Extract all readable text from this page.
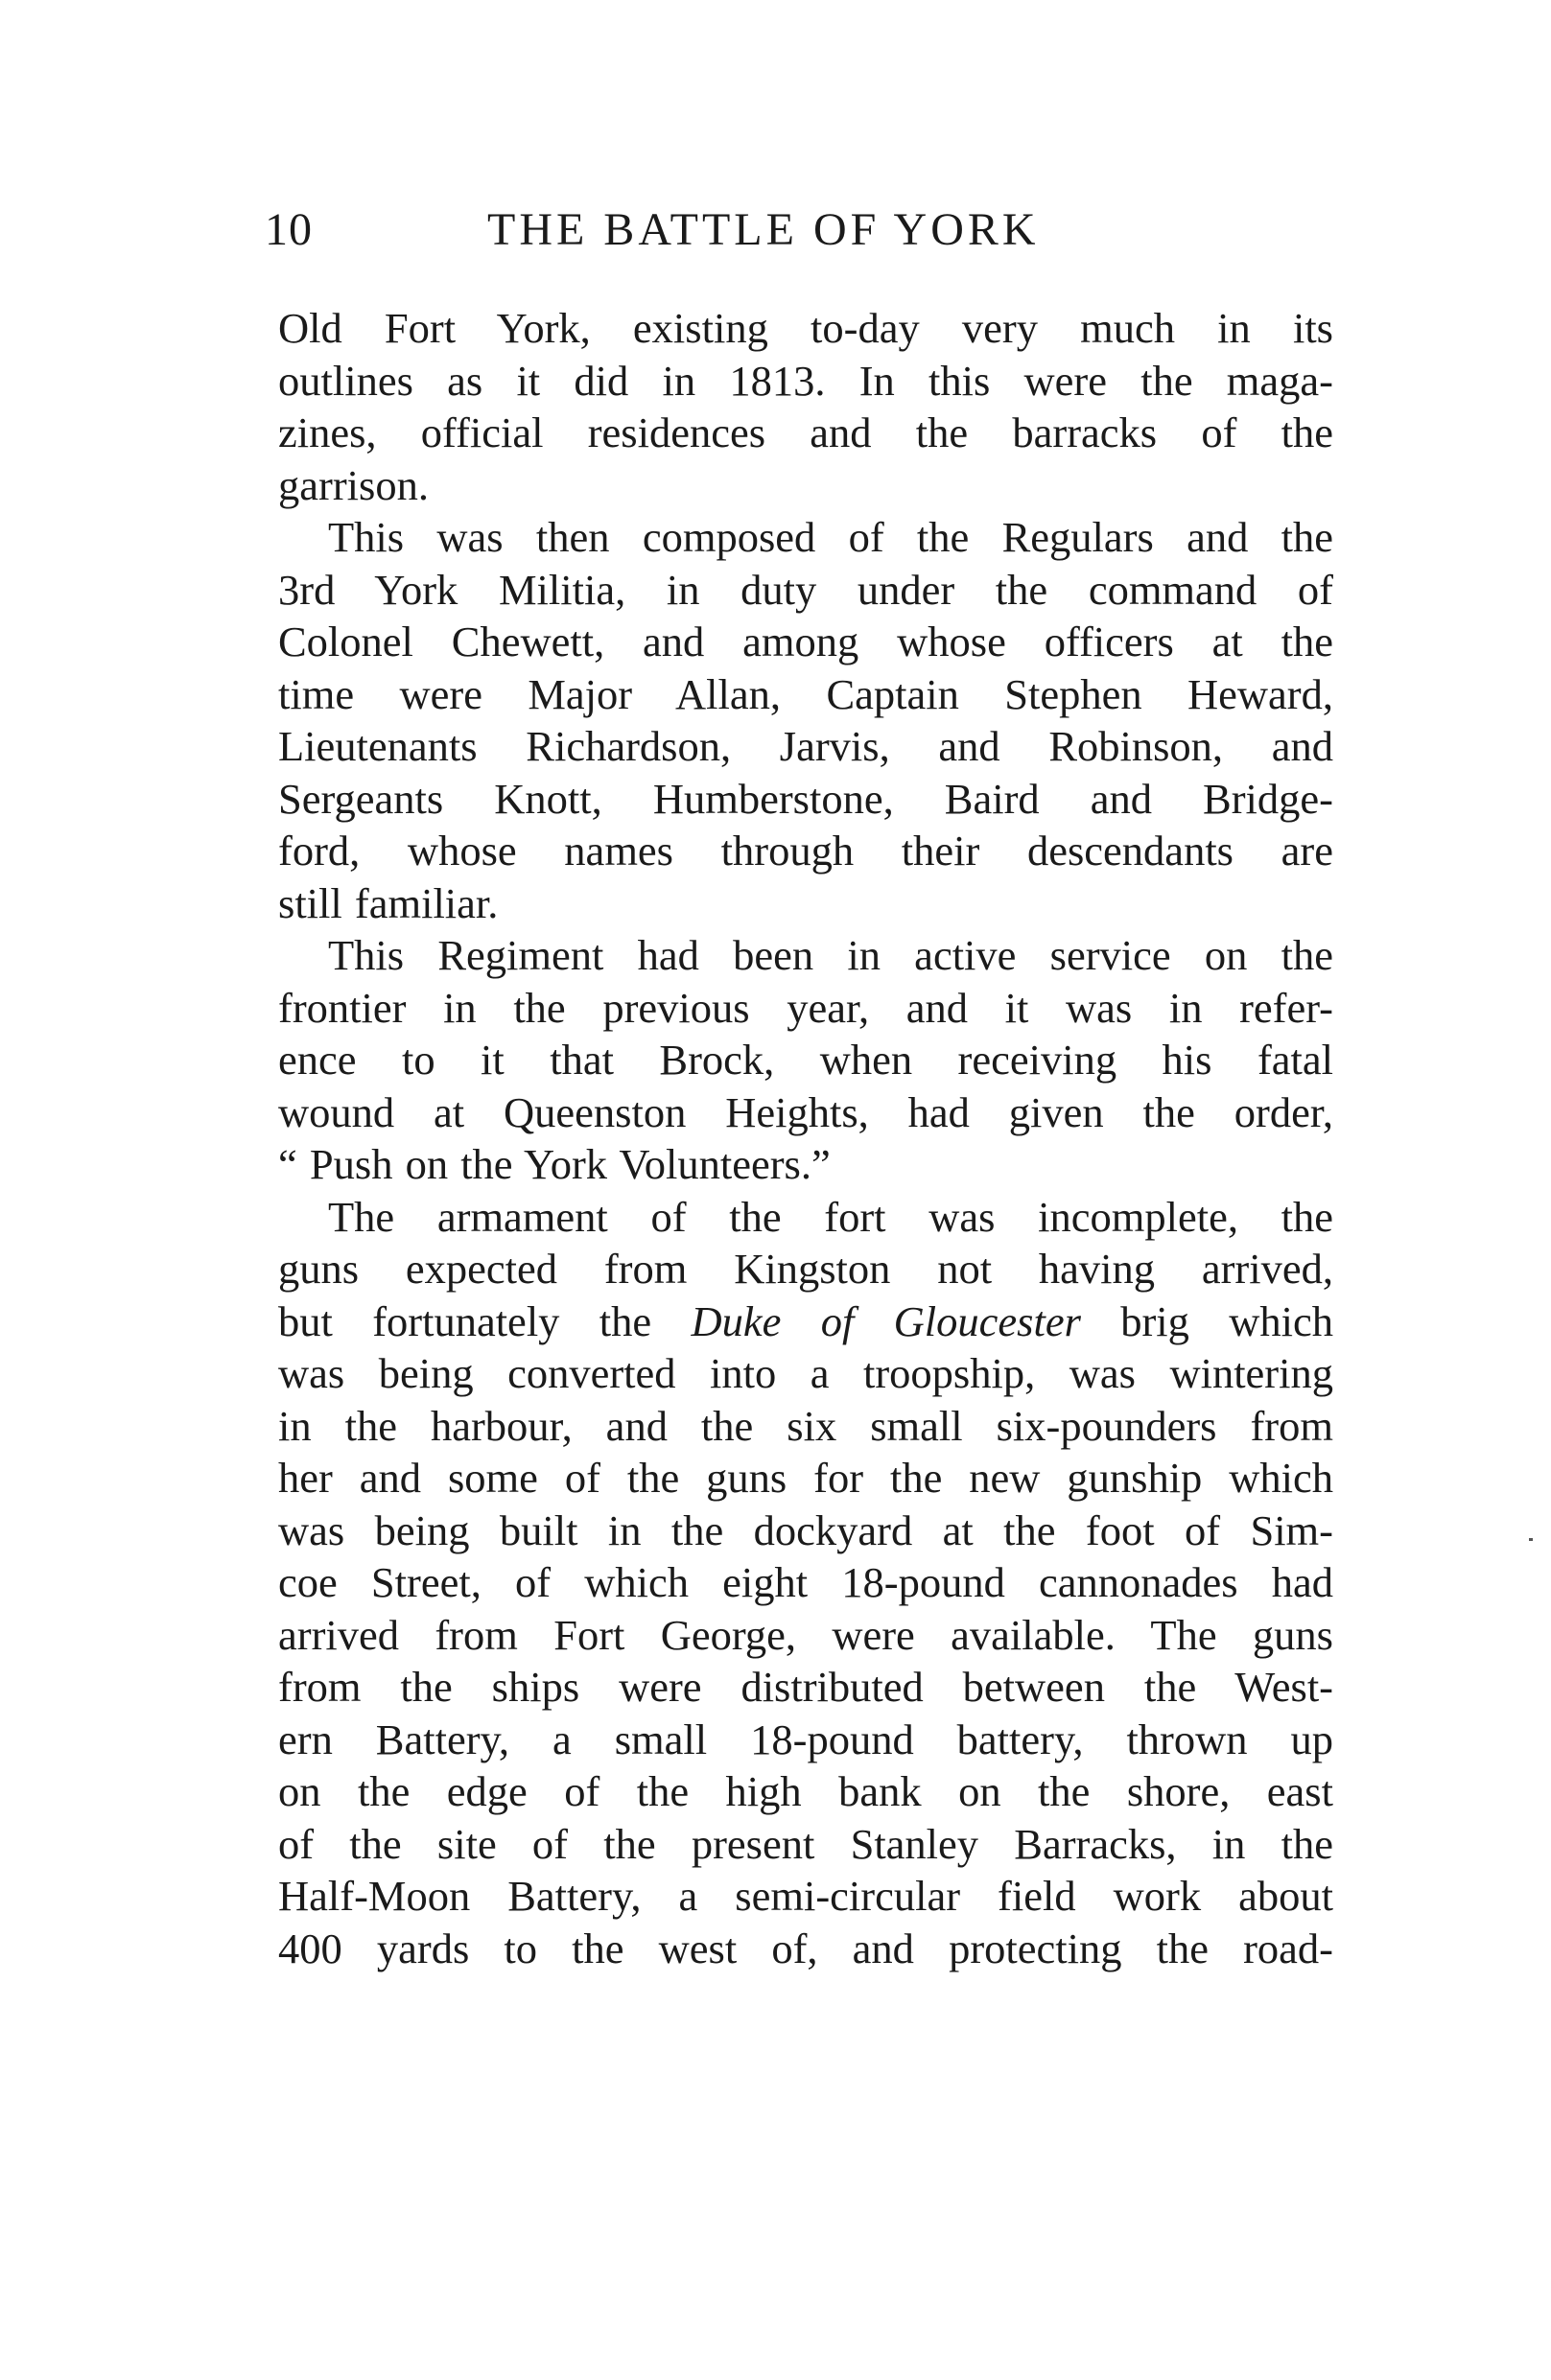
10	THE BATTLE OF YORK
Old Fort York, existing to-day very much in its
outlines as it did in 1813. In this were the maga-
zines, official residences and the barracks of the
garrison.
This was then composed of the Regulars and the
3rd York Militia, in duty under the command of
Colonel Chewett, and among whose officers at the
time were Major Allan, Captain Stephen Heward,
Lieutenants Richardson, Jarvis, and Robinson, and
Sergeants Knott, Humberstone, Baird and Bridge-
ford, whose names through their descendants are
still familiar.
This Regiment had been in active service on the
frontier in the previous year, and it was in refer-
ence to it that Brock, when receiving his fatal
wound at Queenston Heights, had given the order,
“ Push on the York Volunteers.”
The armament of the fort was incomplete, the
guns expected from Kingston not having arrived,
but fortunately the Duke of Gloucester brig which
was being converted into a troopship, was wintering
in the harbour, and the six small six-pounders from
her and some of the guns for the new gunship which
was being built in the dockyard at the foot of Sim-
coe Street, of which eight 18-pound cannonades had
arrived from Fort George, were available. The guns
from the ships were distributed between the West-
ern Battery, a small 18-pound battery, thrown up
on the edge of the high bank on the shore, east
of the site of the present Stanley Barracks, in the
Half-Moon Battery, a semi-circular field work about
400 yards to the west of, and protecting the road-
